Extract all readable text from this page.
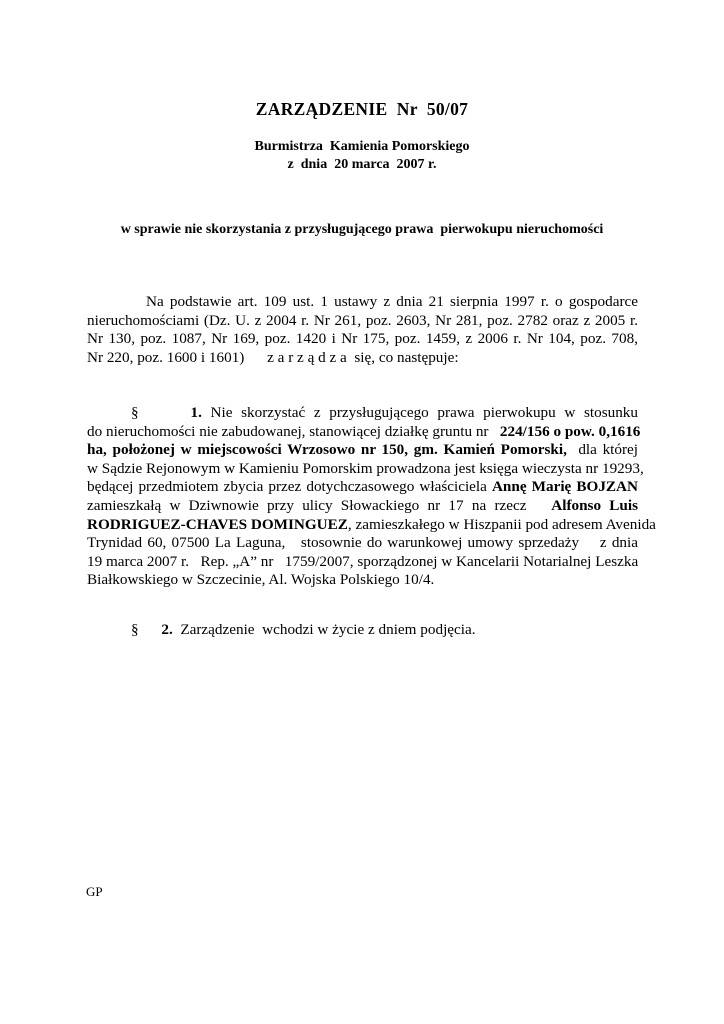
ZARZĄDZENIE  Nr  50/07
Burmistrza  Kamienia Pomorskiego
z  dnia  20 marca  2007 r.
w sprawie nie skorzystania z przysługującego prawa  pierwokupu nieruchomości
Na podstawie art. 109 ust. 1 ustawy z dnia 21 sierpnia 1997 r. o gospodarce
nieruchomościami (Dz. U. z 2004 r. Nr 261, poz. 2603, Nr 281, poz. 2782 oraz z 2005 r.
Nr 130, poz. 1087, Nr 169, poz. 1420 i Nr 175, poz. 1459, z 2006 r. Nr 104, poz. 708,
Nr 220, poz. 1600 i 1601)      z a r z ą d z a  się, co następuje:
§	1. Nie skorzystać z przysługującego prawa pierwokupu w stosunku
do nieruchomości nie zabudowanej, stanowiącej działkę gruntu nr 224/156 o pow. 0,1616
ha, położonej w miejscowości Wrzosowo nr 150, gm. Kamień Pomorski, dla której
w Sądzie Rejonowym w Kamieniu Pomorskim prowadzona jest księga wieczysta nr 19293,
będącej przedmiotem zbycia przez dotychczasowego właściciela Annę Marię BOJZAN
zamieszkałą w Dziwnowie przy ulicy Słowackiego nr 17 na rzecz Alfonso Luis
RODRIGUEZ-CHAVES DOMINGUEZ, zamieszkałego w Hiszpanii pod adresem Avenida
Trynidad 60, 07500 La Laguna,   stosownie do warunkowej umowy sprzedaży    z dnia
19 marca 2007 r.   Rep. „A” nr   1759/2007, sporządzonej w Kancelarii Notarialnej Leszka
Białkowskiego w Szczecinie, Al. Wojska Polskiego 10/4.
§ 2. Zarządzenie  wchodzi w życie z dniem podjęcia.
GP
